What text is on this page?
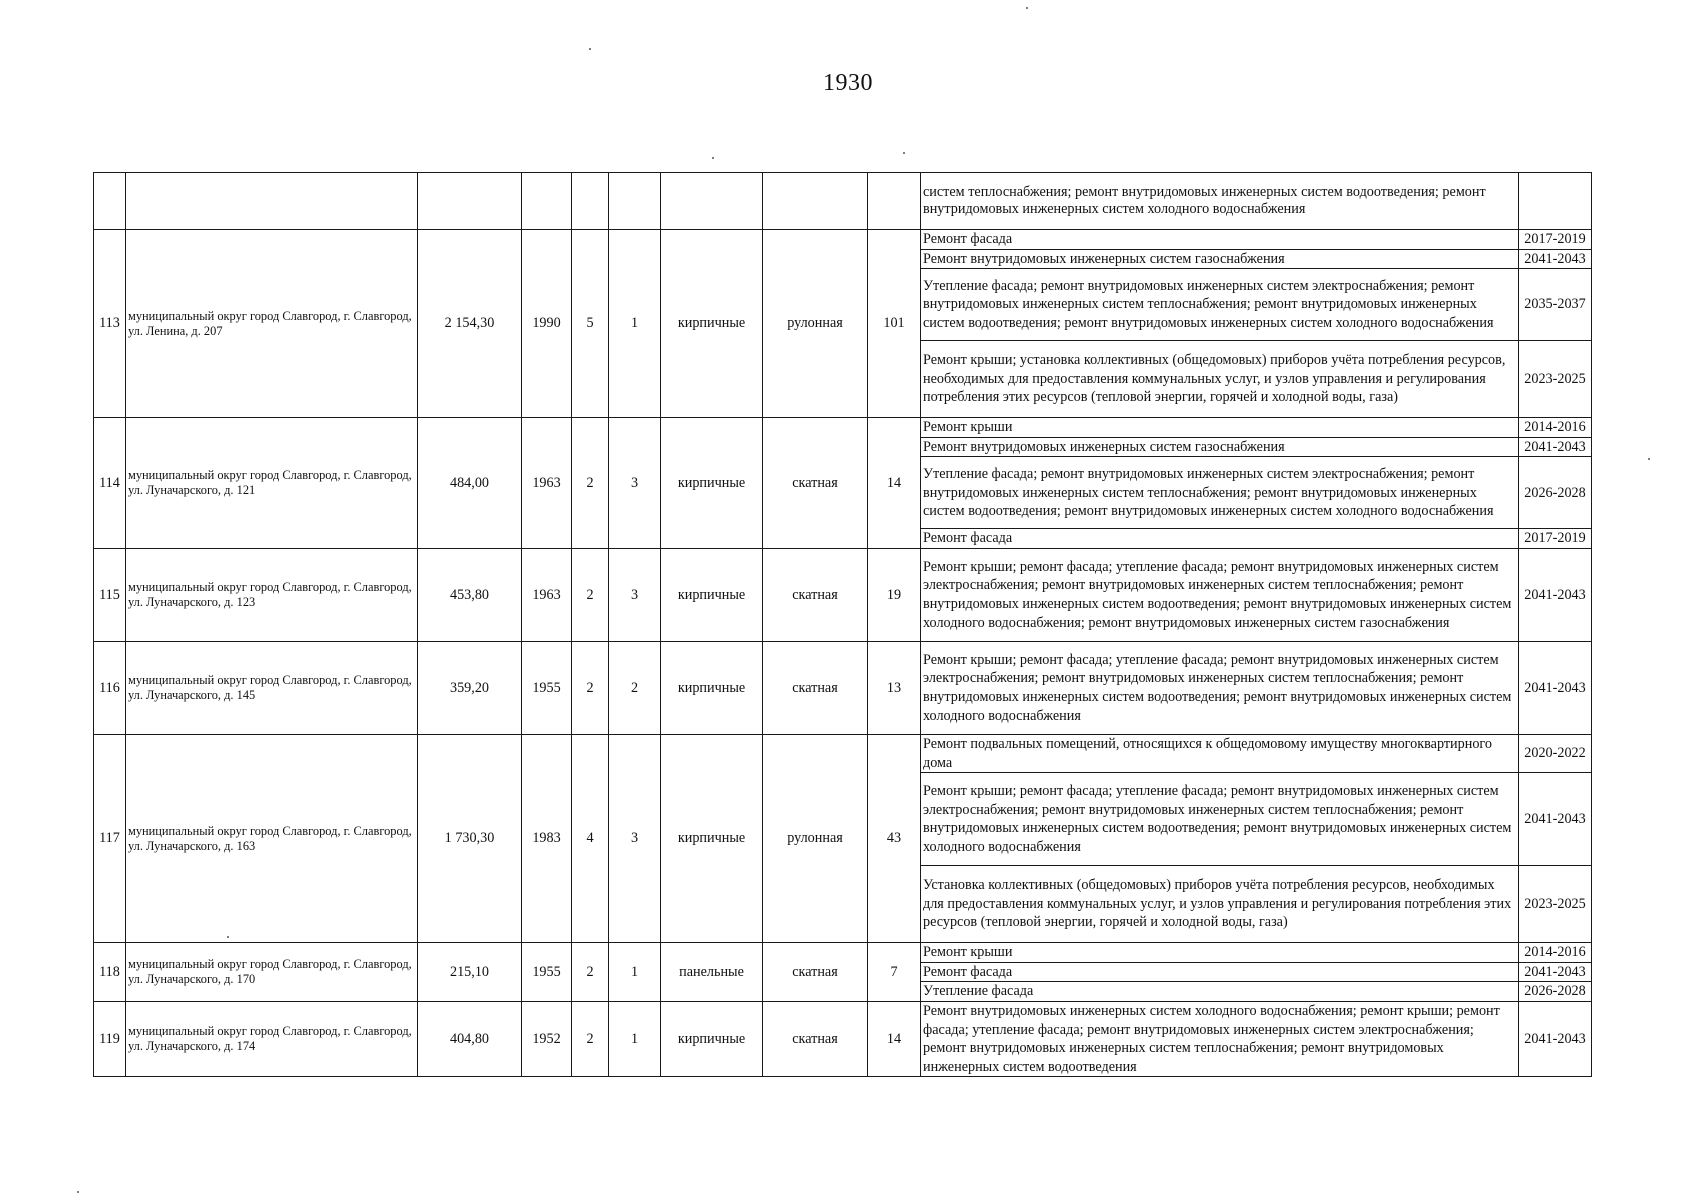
1930
									систем теплоснабжения; ремонт внутридомовых инженерных систем водоотведения; ремонт внутридомовых инженерных систем холодного водоснабжения	
113	муниципальный округ город Славгород, г. Славгород, ул. Ленина, д. 207	2 154,30	1990	5	1	кирпичные	рулонная	101	Ремонт фасада	2017-2019
									Ремонт внутридомовых инженерных систем газоснабжения	2041-2043
									Утепление фасада; ремонт внутридомовых инженерных систем электроснабжения; ремонт внутридомовых инженерных систем теплоснабжения; ремонт внутридомовых инженерных систем водоотведения; ремонт внутридомовых инженерных систем холодного водоснабжения	2035-2037
									Ремонт крыши; установка коллективных (общедомовых) приборов учёта потребления ресурсов, необходимых для предоставления коммунальных услуг, и узлов управления и регулирования потребления этих ресурсов (тепловой энергии, горячей и холодной воды, газа)	2023-2025
114	муниципальный округ город Славгород, г. Славгород, ул. Луначарского, д. 121	484,00	1963	2	3	кирпичные	скатная	14	Ремонт крыши	2014-2016
									Ремонт внутридомовых инженерных систем газоснабжения	2041-2043
									Утепление фасада; ремонт внутридомовых инженерных систем электроснабжения; ремонт внутридомовых инженерных систем теплоснабжения; ремонт внутридомовых инженерных систем водоотведения; ремонт внутридомовых инженерных систем холодного водоснабжения	2026-2028
									Ремонт фасада	2017-2019
115	муниципальный округ город Славгород, г. Славгород, ул. Луначарского, д. 123	453,80	1963	2	3	кирпичные	скатная	19	Ремонт крыши; ремонт фасада; утепление фасада; ремонт внутридомовых инженерных систем электроснабжения; ремонт внутридомовых инженерных систем теплоснабжения; ремонт внутридомовых инженерных систем водоотведения; ремонт внутридомовых инженерных систем холодного водоснабжения; ремонт внутридомовых инженерных систем газоснабжения	2041-2043
116	муниципальный округ город Славгород, г. Славгород, ул. Луначарского, д. 145	359,20	1955	2	2	кирпичные	скатная	13	Ремонт крыши; ремонт фасада; утепление фасада; ремонт внутридомовых инженерных систем электроснабжения; ремонт внутридомовых инженерных систем теплоснабжения; ремонт внутридомовых инженерных систем водоотведения; ремонт внутридомовых инженерных систем холодного водоснабжения	2041-2043
117	муниципальный округ город Славгород, г. Славгород, ул. Луначарского, д. 163	1 730,30	1983	4	3	кирпичные	рулонная	43	Ремонт подвальных помещений, относящихся к общедомовому имуществу многоквартирного дома	2020-2022
									Ремонт крыши; ремонт фасада; утепление фасада; ремонт внутридомовых инженерных систем электроснабжения; ремонт внутридомовых инженерных систем теплоснабжения; ремонт внутридомовых инженерных систем водоотведения; ремонт внутридомовых инженерных систем холодного водоснабжения	2041-2043
									Установка коллективных (общедомовых) приборов учёта потребления ресурсов, необходимых для предоставления коммунальных услуг, и узлов управления и регулирования потребления этих ресурсов (тепловой энергии, горячей и холодной воды, газа)	2023-2025
118	муниципальный округ город Славгород, г. Славгород, ул. Луначарского, д. 170	215,10	1955	2	1	панельные	скатная	7	Ремонт крыши	2014-2016
									Ремонт фасада	2041-2043
									Утепление фасада	2026-2028
119	муниципальный округ город Славгород, г. Славгород, ул. Луначарского, д. 174	404,80	1952	2	1	кирпичные	скатная	14	Ремонт внутридомовых инженерных систем холодного водоснабжения; ремонт крыши; ремонт фасада; утепление фасада; ремонт внутридомовых инженерных систем электроснабжения; ремонт внутридомовых инженерных систем теплоснабжения; ремонт внутридомовых инженерных систем водоотведения	2041-2043
